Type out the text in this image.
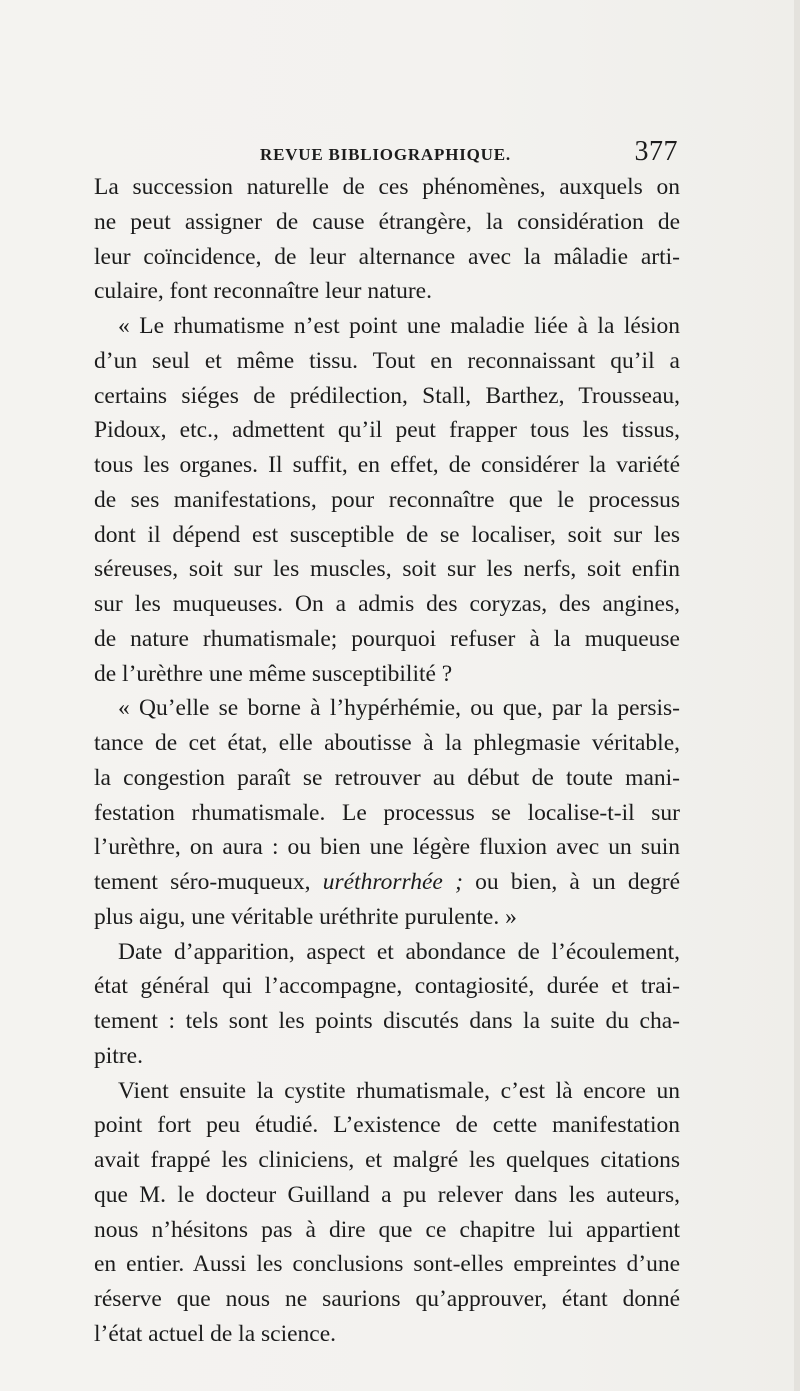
REVUE BIBLIOGRAPHIQUE.	377
La succession naturelle de ces phénomènes, auxquels on
ne peut assigner de cause étrangère, la considération de
leur coïncidence, de leur alternance avec la mâladie arti-
culaire, font reconnaître leur nature.
« Le rhumatisme n’est point une maladie liée à la lésion
d’un seul et même tissu. Tout en reconnaissant qu’il a
certains siéges de prédilection, Stall, Barthez, Trousseau,
Pidoux, etc., admettent qu’il peut frapper tous les tissus,
tous les organes. Il suffit, en effet, de considérer la variété
de ses manifestations, pour reconnaître que le processus
dont il dépend est susceptible de se localiser, soit sur les
séreuses, soit sur les muscles, soit sur les nerfs, soit enfin
sur les muqueuses. On a admis des coryzas, des angines,
de nature rhumatismale; pourquoi refuser à la muqueuse
de l’urèthre une même susceptibilité ?
« Qu’elle se borne à l’hypérhémie, ou que, par la persis-
tance de cet état, elle aboutisse à la phlegmasie véritable,
la congestion paraît se retrouver au début de toute mani-
festation rhumatismale. Le processus se localise-t-il sur
l’urèthre, on aura : ou bien une légère fluxion avec un suin
tement séro-muqueux, uréthrorrhée ; ou bien, à un degré
plus aigu, une véritable uréthrite purulente. »
Date d’apparition, aspect et abondance de l’écoulement,
état général qui l’accompagne, contagiosité, durée et trai-
tement : tels sont les points discutés dans la suite du cha-
pitre.
Vient ensuite la cystite rhumatismale, c’est là encore un
point fort peu étudié. L’existence de cette manifestation
avait frappé les cliniciens, et malgré les quelques citations
que M. le docteur Guilland a pu relever dans les auteurs,
nous n’hésitons pas à dire que ce chapitre lui appartient
en entier. Aussi les conclusions sont-elles empreintes d’une
réserve que nous ne saurions qu’approuver, étant donné
l’état actuel de la science.
